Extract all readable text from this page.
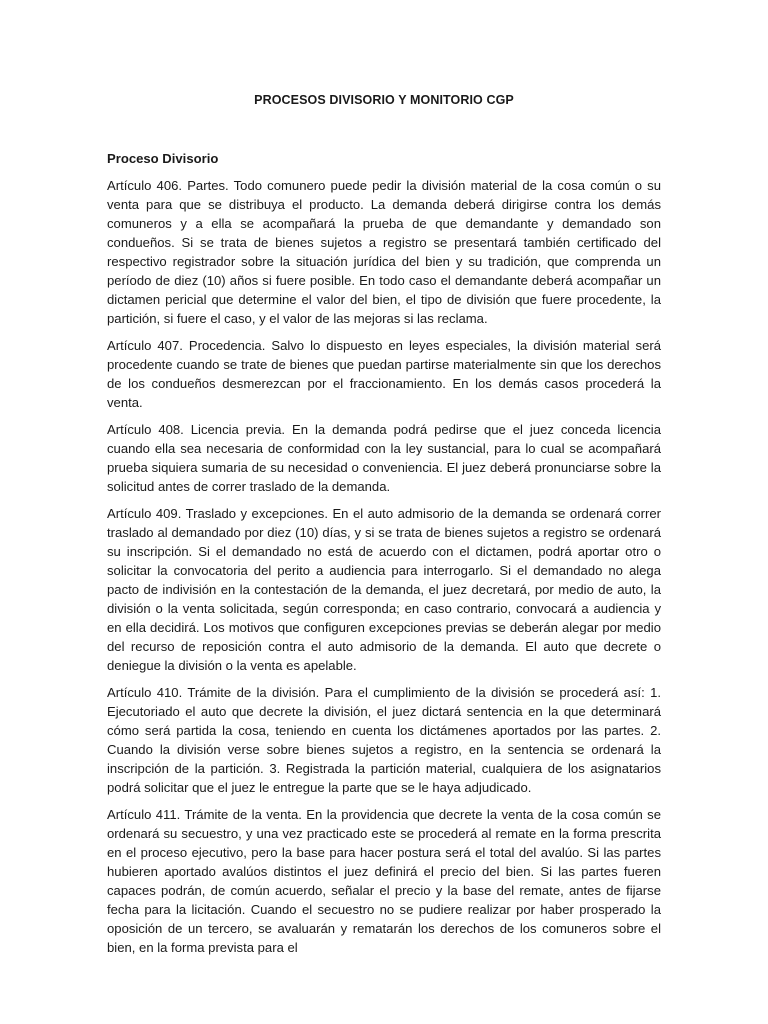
PROCESOS DIVISORIO Y MONITORIO CGP

Proceso Divisorio

Artículo 406. Partes. Todo comunero puede pedir la división material de la cosa común o su venta para que se distribuya el producto. La demanda deberá dirigirse contra los demás comuneros y a ella se acompañará la prueba de que demandante y demandado son condueños. Si se trata de bienes sujetos a registro se presentará también certificado del respectivo registrador sobre la situación jurídica del bien y su tradición, que comprenda un período de diez (10) años si fuere posible. En todo caso el demandante deberá acompañar un dictamen pericial que determine el valor del bien, el tipo de división que fuere procedente, la partición, si fuere el caso, y el valor de las mejoras si las reclama.

Artículo 407. Procedencia. Salvo lo dispuesto en leyes especiales, la división material será procedente cuando se trate de bienes que puedan partirse materialmente sin que los derechos de los condueños desmerezcan por el fraccionamiento. En los demás casos procederá la venta.

Artículo 408. Licencia previa. En la demanda podrá pedirse que el juez conceda licencia cuando ella sea necesaria de conformidad con la ley sustancial, para lo cual se acompañará prueba siquiera sumaria de su necesidad o conveniencia. El juez deberá pronunciarse sobre la solicitud antes de correr traslado de la demanda.

Artículo 409. Traslado y excepciones. En el auto admisorio de la demanda se ordenará correr traslado al demandado por diez (10) días, y si se trata de bienes sujetos a registro se ordenará su inscripción. Si el demandado no está de acuerdo con el dictamen, podrá aportar otro o solicitar la convocatoria del perito a audiencia para interrogarlo. Si el demandado no alega pacto de indivisión en la contestación de la demanda, el juez decretará, por medio de auto, la división o la venta solicitada, según corresponda; en caso contrario, convocará a audiencia y en ella decidirá. Los motivos que configuren excepciones previas se deberán alegar por medio del recurso de reposición contra el auto admisorio de la demanda. El auto que decrete o deniegue la división o la venta es apelable.

Artículo 410. Trámite de la división. Para el cumplimiento de la división se procederá así: 1. Ejecutoriado el auto que decrete la división, el juez dictará sentencia en la que determinará cómo será partida la cosa, teniendo en cuenta los dictámenes aportados por las partes. 2. Cuando la división verse sobre bienes sujetos a registro, en la sentencia se ordenará la inscripción de la partición. 3. Registrada la partición material, cualquiera de los asignatarios podrá solicitar que el juez le entregue la parte que se le haya adjudicado.

Artículo 411. Trámite de la venta. En la providencia que decrete la venta de la cosa común se ordenará su secuestro, y una vez practicado este se procederá al remate en la forma prescrita en el proceso ejecutivo, pero la base para hacer postura será el total del avalúo. Si las partes hubieren aportado avalúos distintos el juez definirá el precio del bien. Si las partes fueren capaces podrán, de común acuerdo, señalar el precio y la base del remate, antes de fijarse fecha para la licitación. Cuando el secuestro no se pudiere realizar por haber prosperado la oposición de un tercero, se avaluarán y rematarán los derechos de los comuneros sobre el bien, en la forma prevista para el
